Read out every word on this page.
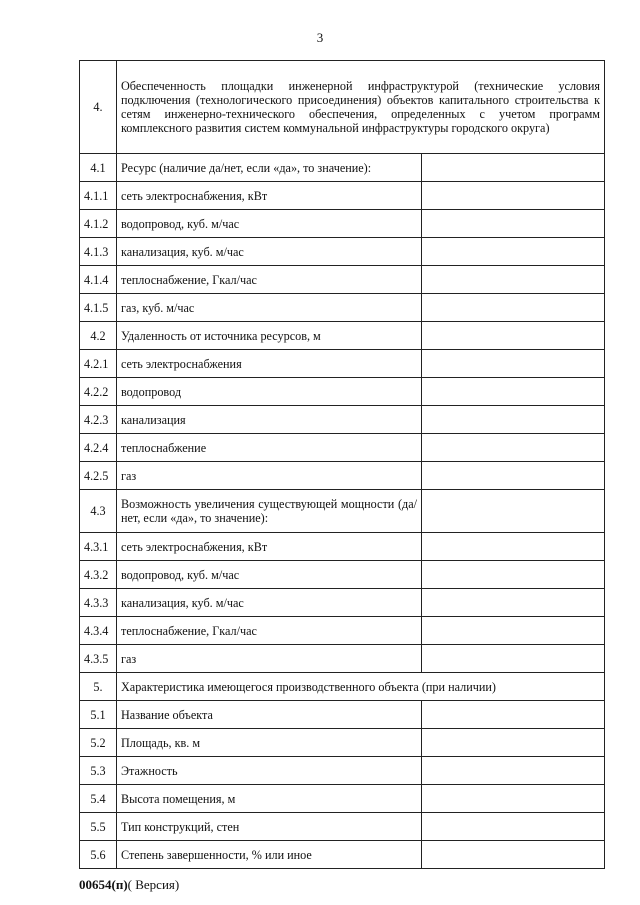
3
4.	Обеспеченность площадки инженерной инфраструктурой (технические условия подключения (технологического присоединения) объектов капитального строительства к сетям инженерно-технического обеспечения, определенных с учетом программ комплексного развития систем коммунальной инфраструктуры городского округа)	
4.1	Ресурс (наличие да/нет, если «да», то значение):	
4.1.1	сеть электроснабжения, кВт	
4.1.2	водопровод, куб. м/час	
4.1.3	канализация, куб. м/час	
4.1.4	теплоснабжение, Гкал/час	
4.1.5	газ, куб. м/час	
4.2	Удаленность от источника ресурсов, м	
4.2.1	сеть электроснабжения	
4.2.2	водопровод	
4.2.3	канализация	
4.2.4	теплоснабжение	
4.2.5	газ	
4.3	Возможность увеличения существующей мощности (да/нет, если «да», то значение):	
4.3.1	сеть электроснабжения, кВт	
4.3.2	водопровод, куб. м/час	
4.3.3	канализация, куб. м/час	
4.3.4	теплоснабжение, Гкал/час	
4.3.5	газ	
5.	Характеристика имеющегося производственного объекта (при наличии)	
5.1	Название объекта	
5.2	Площадь, кв. м	
5.3	Этажность	
5.4	Высота помещения, м	
5.5	Тип конструкций, стен	
5.6	Степень завершенности, % или иное	
00654(п)( Версия)
